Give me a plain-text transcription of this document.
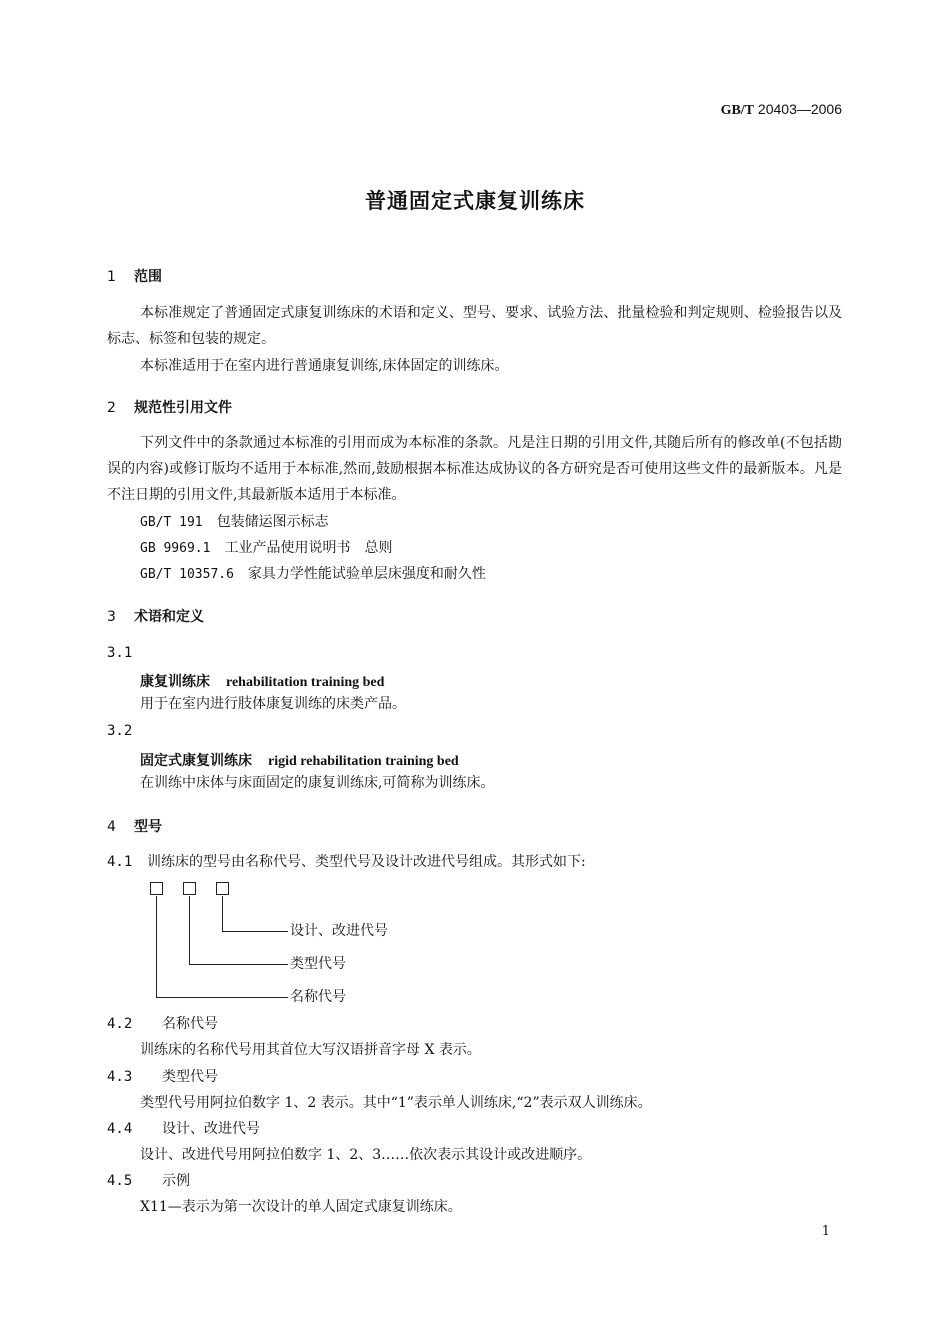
GB/T 20403—2006
普通固定式康复训练床
1 范围
本标准规定了普通固定式康复训练床的术语和定义、型号、要求、试验方法、批量检验和判定规则、检验报告以及标志、标签和包装的规定。
本标准适用于在室内进行普通康复训练,床体固定的训练床。
2 规范性引用文件
下列文件中的条款通过本标准的引用而成为本标准的条款。凡是注日期的引用文件,其随后所有的修改单(不包括勘误的内容)或修订版均不适用于本标准,然而,鼓励根据本标准达成协议的各方研究是否可使用这些文件的最新版本。凡是不注日期的引用文件,其最新版本适用于本标准。
GB/T 191 包装储运图示标志
GB 9969.1 工业产品使用说明书　总则
GB/T 10357.6 家具力学性能试验单层床强度和耐久性
3 术语和定义
3.1
康复训练床 rehabilitation training bed
用于在室内进行肢体康复训练的床类产品。
3.2
固定式康复训练床 rigid rehabilitation training bed
在训练中床体与床面固定的康复训练床,可简称为训练床。
4 型号
4.1 训练床的型号由名称代号、类型代号及设计改进代号组成。其形式如下:
设计、改进代号
类型代号
名称代号
4.2 名称代号
训练床的名称代号用其首位大写汉语拼音字母 X 表示。
4.3 类型代号
类型代号用阿拉伯数字 1、2 表示。其中“1”表示单人训练床,“2”表示双人训练床。
4.4 设计、改进代号
设计、改进代号用阿拉伯数字 1、2、3……依次表示其设计或改进顺序。
4.5 示例
X11—表示为第一次设计的单人固定式康复训练床。
1
